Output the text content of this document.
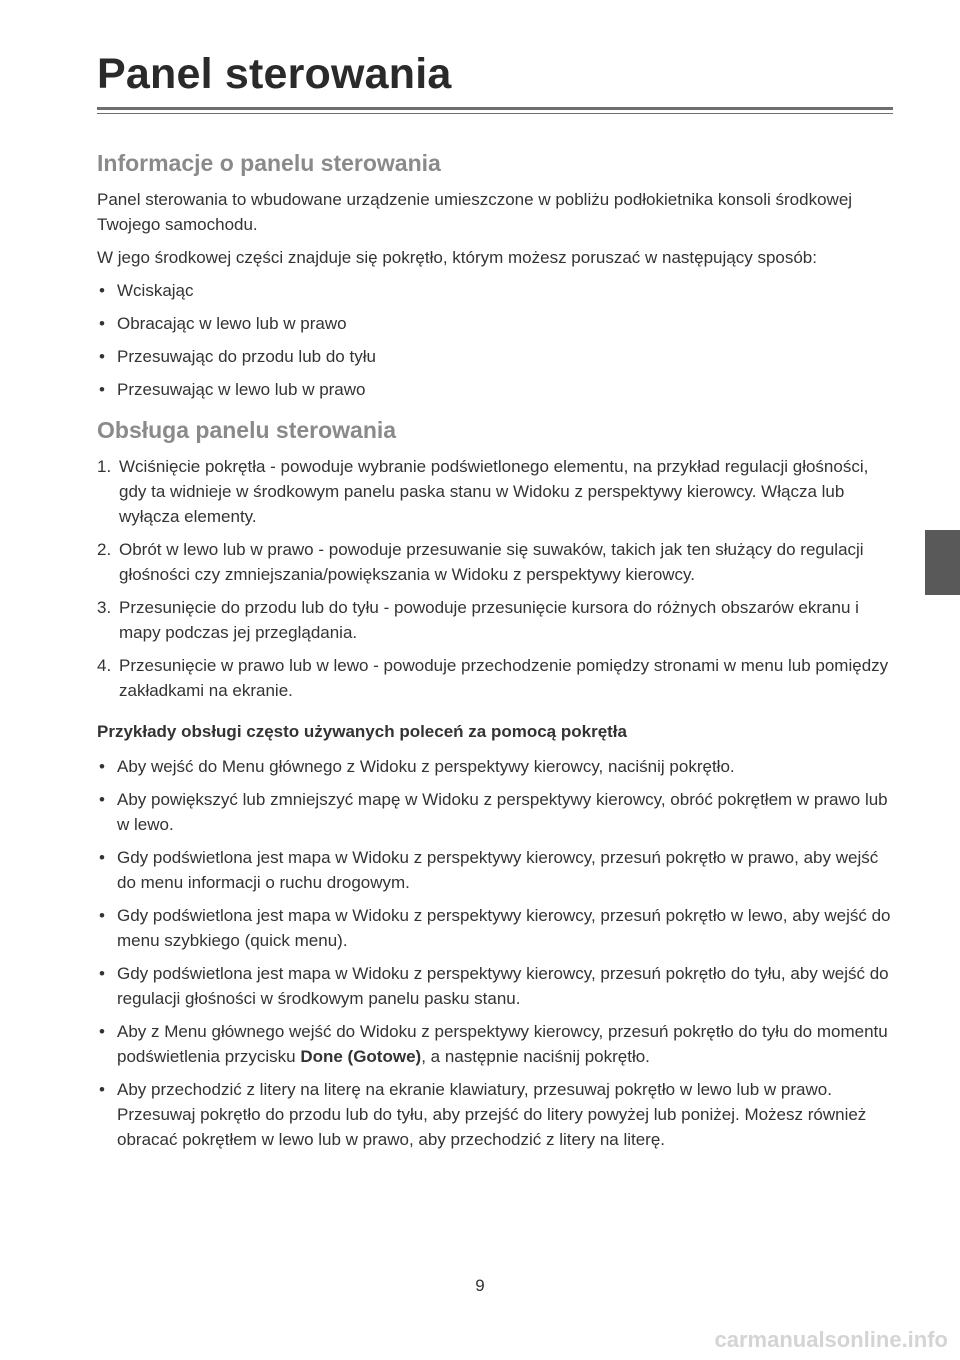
Panel sterowania
Informacje o panelu sterowania

Panel sterowania to wbudowane urządzenie umieszczone w pobliżu podłokietnika konsoli środkowej Twojego samochodu.

W jego środkowej części znajduje się pokrętło, którym możesz poruszać w następujący sposób:

• Wciskając
• Obracając w lewo lub w prawo
• Przesuwając do przodu lub do tyłu
• Przesuwając w lewo lub w prawo
Obsługa panelu sterowania
1. Wciśnięcie pokrętła - powoduje wybranie podświetlonego elementu, na przykład regulacji głośności, gdy ta widnieje w środkowym panelu paska stanu w Widoku z perspektywy kierowcy. Włącza lub wyłącza elementy.
2. Obrót w lewo lub w prawo - powoduje przesuwanie się suwaków, takich jak ten służący do regulacji głośności czy zmniejszania/powiększania w Widoku z perspektywy kierowcy.
3. Przesunięcie do przodu lub do tyłu - powoduje przesunięcie kursora do różnych obszarów ekranu i mapy podczas jej przeglądania.
4. Przesunięcie w prawo lub w lewo - powoduje przechodzenie pomiędzy stronami w menu lub pomiędzy zakładkami na ekranie.
Przykłady obsługi często używanych poleceń za pomocą pokrętła
• Aby wejść do Menu głównego z Widoku z perspektywy kierowcy, naciśnij pokrętło.
• Aby powiększyć lub zmniejszyć mapę w Widoku z perspektywy kierowcy, obróć pokrętłem w prawo lub w lewo.
• Gdy podświetlona jest mapa w Widoku z perspektywy kierowcy, przesuń pokrętło w prawo, aby wejść do menu informacji o ruchu drogowym.
• Gdy podświetlona jest mapa w Widoku z perspektywy kierowcy, przesuń pokrętło w lewo, aby wejść do menu szybkiego (quick menu).
• Gdy podświetlona jest mapa w Widoku z perspektywy kierowcy, przesuń pokrętło do tyłu, aby wejść do regulacji głośności w środkowym panelu pasku stanu.
• Aby z Menu głównego wejść do Widoku z perspektywy kierowcy, przesuń pokrętło do tyłu do momentu podświetlenia przycisku Done (Gotowe), a następnie naciśnij pokrętło.
• Aby przechodzić z litery na literę na ekranie klawiatury, przesuwaj pokrętło w lewo lub w prawo. Przesuwaj pokrętło do przodu lub do tyłu, aby przejść do litery powyżej lub poniżej. Możesz również obracać pokrętłem w lewo lub w prawo, aby przechodzić z litery na literę.
9
carmanualsonline.info
